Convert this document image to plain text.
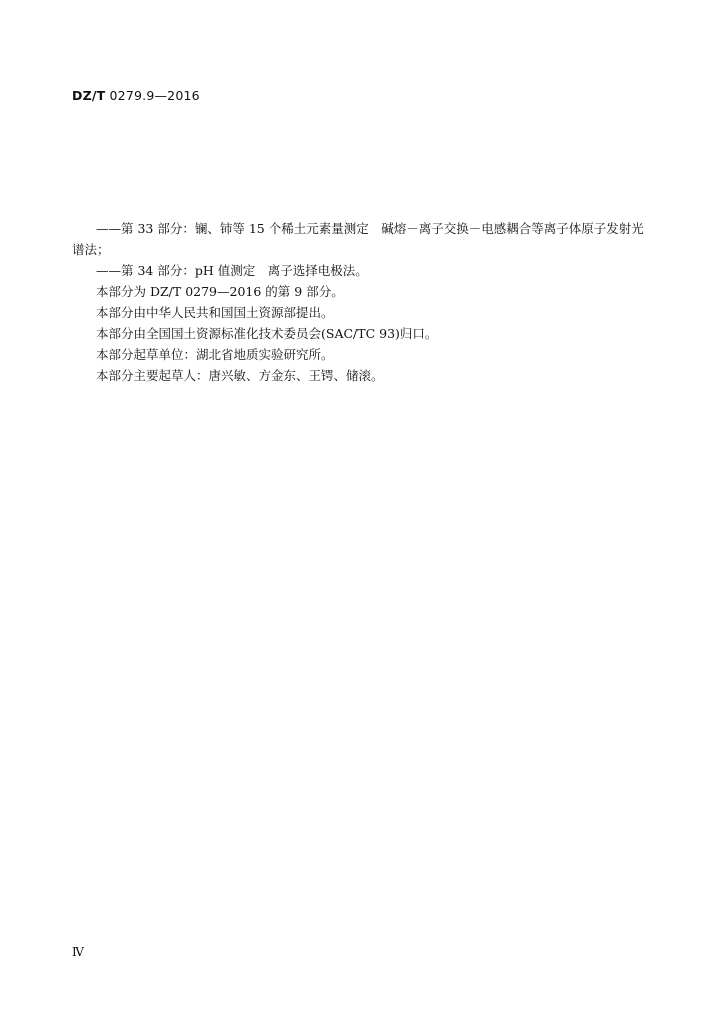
DZ/T 0279.9—2016

——第 33 部分：镧、铈等 15 个稀土元素量测定　碱熔－离子交换－电感耦合等离子体原子发射光谱法；

——第 34 部分：pH 值测定　离子选择电极法。

本部分为 DZ/T 0279—2016 的第 9 部分。

本部分由中华人民共和国国土资源部提出。

本部分由全国国土资源标准化技术委员会(SAC/TC 93)归口。

本部分起草单位：湖北省地质实验研究所。

本部分主要起草人：唐兴敏、方金东、王锷、储滚。

Ⅳ
